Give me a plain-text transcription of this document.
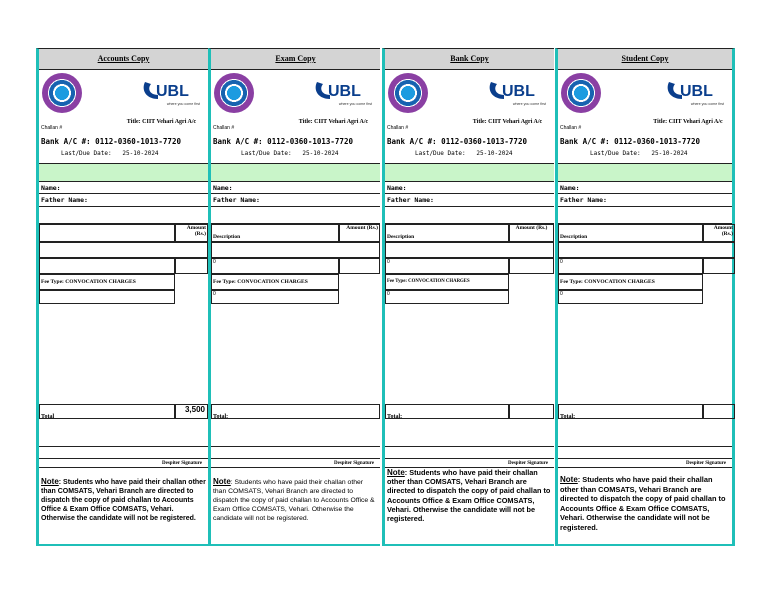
Accounts Copy
UBL
where you come first
Challan #
Title: CIIT Vehari Agri A/c
Bank A/C #: 0112-0360-1013-7720
Last/Due Date: 25-10-2024
Name:
Father Name:
Amount (Rs.)
Fee Type: CONVOCATION CHARGES
Total
3,500
Despiter Signature
Note: Students who have paid their challan other than COMSATS, Vehari Branch are directed to dispatch the copy of paid challan to Accounts Office & Exam Office COMSATS, Vehari. Otherwise the candidate will not be registered.
Exam Copy
UBL
where you come first
Challan #
Title: CIIT Vehari Agri A/c
Bank A/C #: 0112-0360-1013-7720
Last/Due Date: 25-10-2024
Name:
Father Name:
Description
Amount (Rs.)
0
Fee Type: CONVOCATION CHARGES
0
Total:
Despiter Signature
Note: Students who have paid their challan other than COMSATS, Vehari Branch are directed to dispatch the copy of paid challan to Accounts Office & Exam Office COMSATS, Vehari. Otherwise the candidate will not be registered.
Bank Copy
UBL
where you come first
Challan #
Title: CIIT Vehari Agri A/c
Bank A/C #: 0112-0360-1013-7720
Last/Due Date: 25-10-2024
Name:
Father Name:
Description
Amount (Rs.)
0
Fee Type: CONVOCATION CHARGES
0
Total:
Despiter Signature
Note: Students who have paid their challan other than COMSATS, Vehari Branch are directed to dispatch the copy of paid challan to Accounts Office & Exam Office COMSATS, Vehari. Otherwise the candidate will not be registered.
Student Copy
UBL
where you come first
Challan #
Title: CIIT Vehari Agri A/c
Bank A/C #: 0112-0360-1013-7720
Last/Due Date: 25-10-2024
Name:
Father Name:
Description
Amount (Rs.)
0
Fee Type: CONVOCATION CHARGES
0
Total:
Despiter Signature
Note: Students who have paid their challan other than COMSATS, Vehari Branch are directed to dispatch the copy of paid challan to Accounts Office & Exam Office COMSATS, Vehari. Otherwise the candidate will not be registered.
